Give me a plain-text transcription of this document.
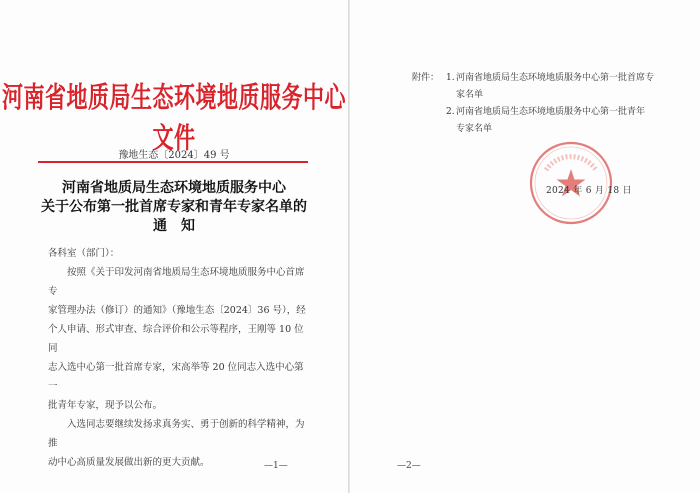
河南省地质局生态环境地质服务中心文件
豫地生态〔2024〕49 号
河南省地质局生态环境地质服务中心
关于公布第一批首席专家和青年专家名单的
通　知

各科室（部门）：

按照《关于印发河南省地质局生态环境地质服务中心首席专

家管理办法（修订）的通知》（豫地生态〔2024〕36 号），经

个人申请、形式审查、综合评价和公示等程序，王刚等 10 位同

志入选中心第一批首席专家，宋高举等 20 位同志入选中心第一

批青年专家，现予以公布。

入选同志要继续发扬求真务实、勇于创新的科学精神，为推

动中心高质量发展做出新的更大贡献。	—1—
附件： 1. 河南省地质局生态环境地质服务中心第一批首席专
家名单
2. 河南省地质局生态环境地质服务中心第一批青年
专家名单
2024 年 6 月 18 日
—2—
